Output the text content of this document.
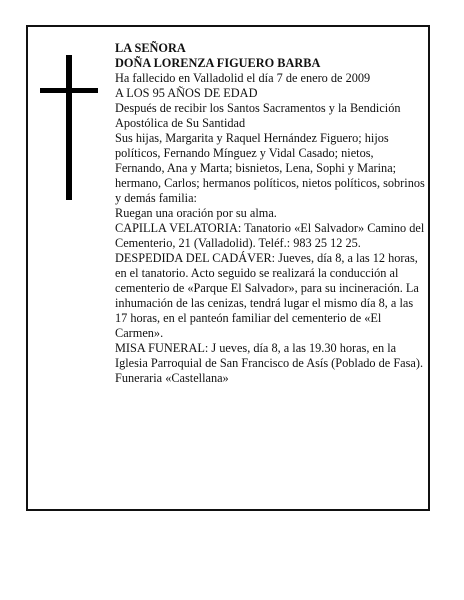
LA SEÑORA

DOÑA LORENZA FIGUERO BARBA

Ha fallecido en Valladolid el día 7 de enero de 2009

A LOS 95 AÑOS DE EDAD

Después de recibir los Santos Sacramentos y la Bendición Apostólica de Su Santidad

Sus hijas, Margarita y Raquel Hernández Figuero; hijos políticos, Fernando Mínguez y Vidal Casado; nietos, Fernando, Ana y Marta; bisnietos, Lena, Sophi y Marina; hermano, Carlos; hermanos políticos, nietos políticos, sobrinos y demás familia:

Ruegan una oración por su alma.

CAPILLA VELATORIA: Tanatorio «El Salvador» Camino del Cementerio, 21 (Valladolid). Teléf.: 983 25 12 25.

DESPEDIDA DEL CADÁVER: Jueves, día 8, a las 12 horas, en el tanatorio. Acto seguido se realizará la conducción al cementerio de «Parque El Salvador», para su incineración. La inhumación de las cenizas, tendrá lugar el mismo día 8, a las 17 horas, en el panteón familiar del cementerio de «El Carmen».

MISA FUNERAL: J ueves, día 8, a las 19.30 horas, en la Iglesia Parroquial de San Francisco de Asís (Poblado de Fasa).

Funeraria «Castellana»
